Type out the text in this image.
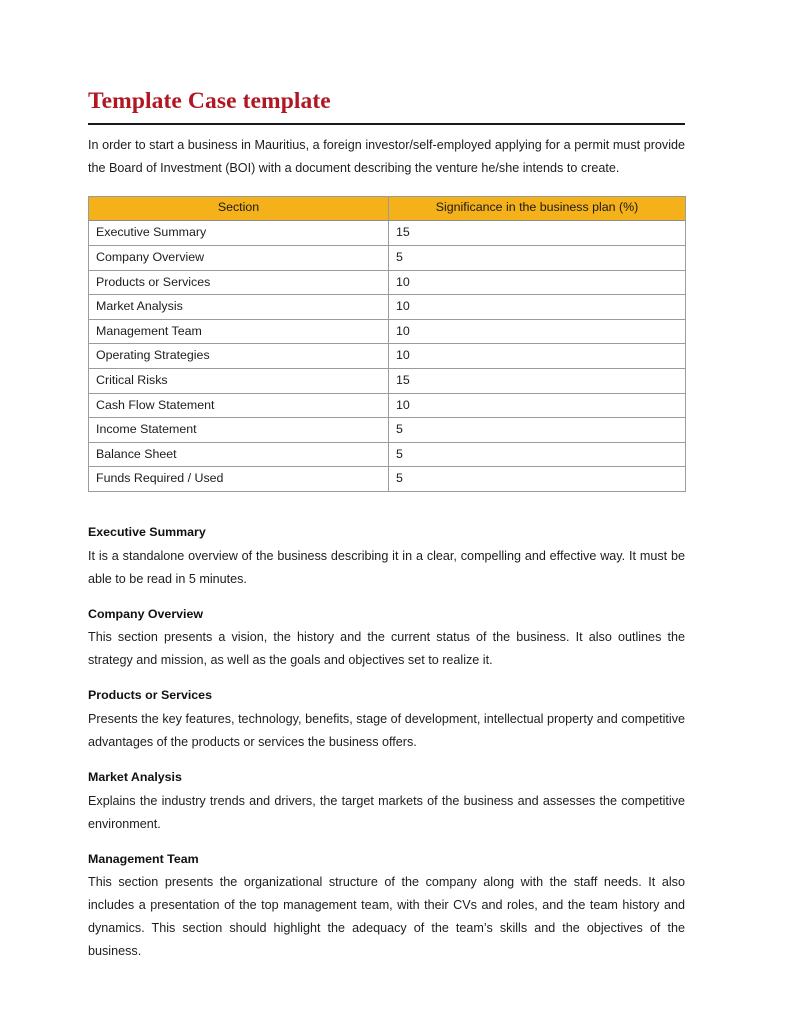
Template Case template

In order to start a business in Mauritius, a foreign investor/self-employed applying for a permit must provide the Board of Investment (BOI) with a document describing the venture he/she intends to create.

Section	Significance in the business plan (%)
Executive Summary	15
Company Overview	5
Products or Services	10
Market Analysis	10
Management Team	10
Operating Strategies	10
Critical Risks	15
Cash Flow Statement	10
Income Statement	5
Balance Sheet	5
Funds Required / Used	5
Executive Summary

It is a standalone overview of the business describing it in a clear, compelling and effective way. It must be able to be read in 5 minutes.

Company Overview

This section presents a vision, the history and the current status of the business. It also outlines the strategy and mission, as well as the goals and objectives set to realize it.

Products or Services

Presents the key features, technology, benefits, stage of development, intellectual property and competitive advantages of the products or services the business offers.

Market Analysis

Explains the industry trends and drivers, the target markets of the business and assesses the competitive environment.

Management Team

This section presents the organizational structure of the company along with the staff needs. It also includes a presentation of the top management team, with their CVs and roles, and the team history and dynamics. This section should highlight the adequacy of the team’s skills and the objectives of the business.
